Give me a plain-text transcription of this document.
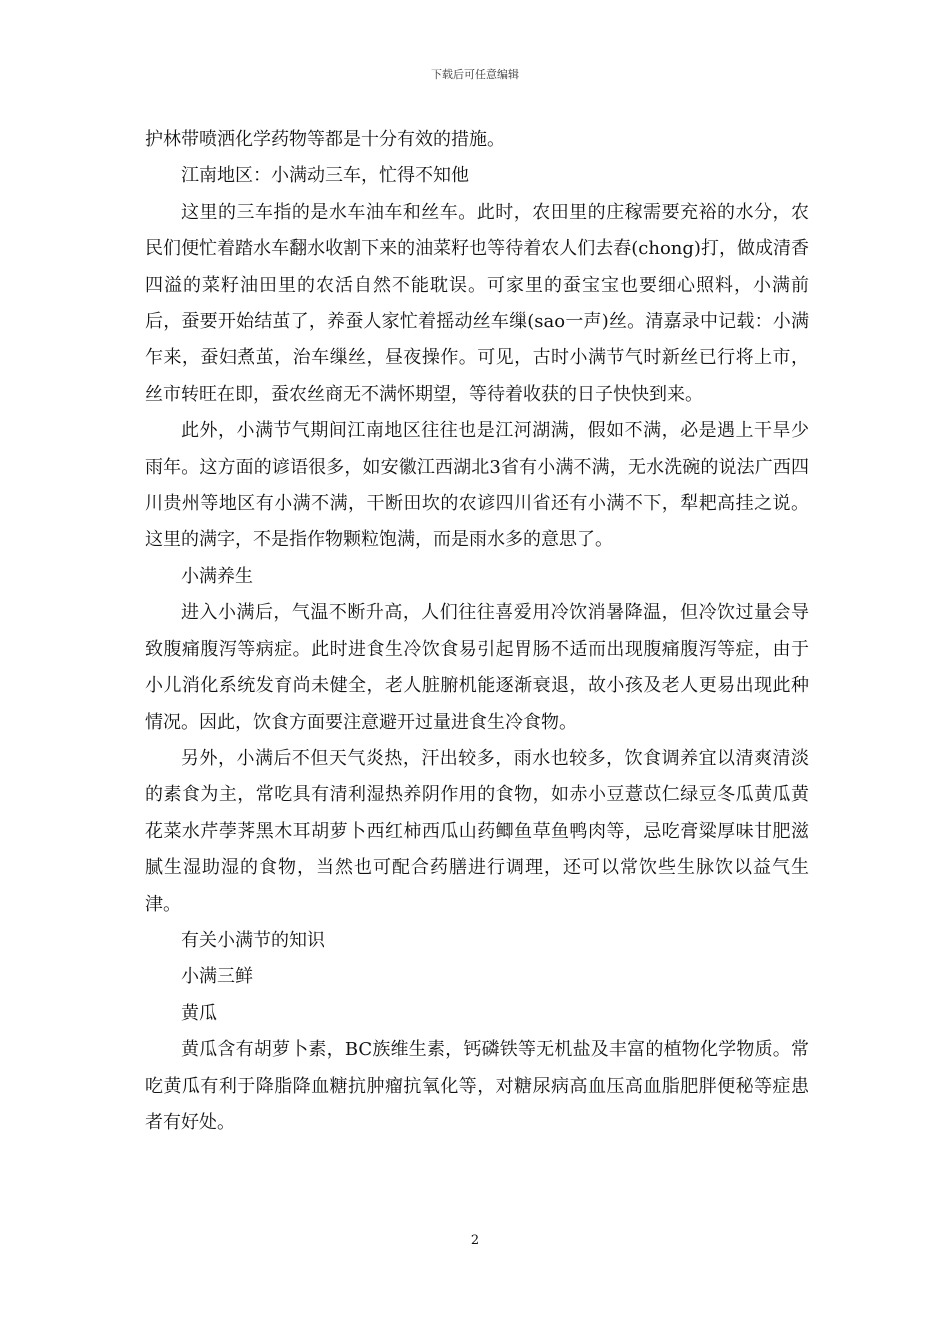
下载后可任意编辑

护林带喷洒化学药物等都是十分有效的措施。

江南地区：小满动三车，忙得不知他

这里的三车指的是水车油车和丝车。此时，农田里的庄稼需要充裕的水分，农民们便忙着踏水车翻水收割下来的油菜籽也等待着农人们去舂(chong)打，做成清香四溢的菜籽油田里的农活自然不能耽误。可家里的蚕宝宝也要细心照料，小满前后，蚕要开始结茧了，养蚕人家忙着摇动丝车缫(sao一声)丝。清嘉录中记载：小满乍来，蚕妇煮茧，治车缫丝，昼夜操作。可见，古时小满节气时新丝已行将上市，丝市转旺在即，蚕农丝商无不满怀期望，等待着收获的日子快快到来。

此外，小满节气期间江南地区往往也是江河湖满，假如不满，必是遇上干旱少雨年。这方面的谚语很多，如安徽江西湖北3省有小满不满，无水洗碗的说法广西四川贵州等地区有小满不满，干断田坎的农谚四川省还有小满不下，犁耙高挂之说。这里的满字，不是指作物颗粒饱满，而是雨水多的意思了。

小满养生

进入小满后，气温不断升高，人们往往喜爱用冷饮消暑降温，但冷饮过量会导致腹痛腹泻等病症。此时进食生冷饮食易引起胃肠不适而出现腹痛腹泻等症，由于小儿消化系统发育尚未健全，老人脏腑机能逐渐衰退，故小孩及老人更易出现此种情况。因此，饮食方面要注意避开过量进食生冷食物。

另外，小满后不但天气炎热，汗出较多，雨水也较多，饮食调养宜以清爽清淡的素食为主，常吃具有清利湿热养阴作用的食物，如赤小豆薏苡仁绿豆冬瓜黄瓜黄花菜水芹荸荠黑木耳胡萝卜西红柿西瓜山药鲫鱼草鱼鸭肉等，忌吃膏粱厚味甘肥滋腻生湿助湿的食物，当然也可配合药膳进行调理，还可以常饮些生脉饮以益气生津。

有关小满节的知识

小满三鲜

黄瓜

黄瓜含有胡萝卜素，BC族维生素，钙磷铁等无机盐及丰富的植物化学物质。常吃黄瓜有利于降脂降血糖抗肿瘤抗氧化等，对糖尿病高血压高血脂肥胖便秘等症患者有好处。

2
